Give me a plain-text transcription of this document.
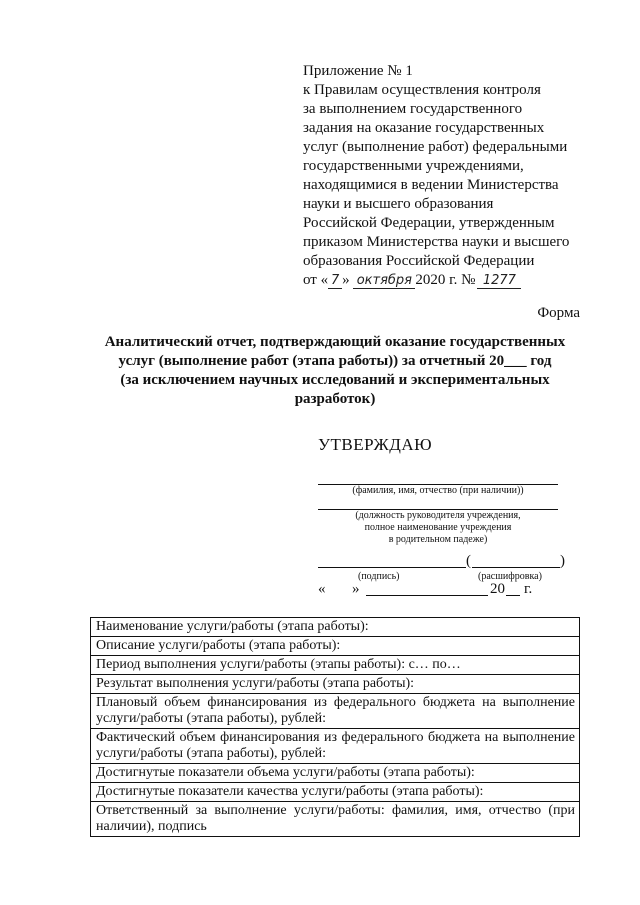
Приложение № 1
к Правилам осуществления контроля
за выполнением государственного
задания на оказание государственных
услуг (выполнение работ) федеральными
государственными учреждениями,
находящимися в ведении Министерства
науки и высшего образования
Российской Федерации, утвержденным
приказом Министерства науки и высшего
образования Российской Федерации
от « 7 » октября 2020 г. № 1277
Форма
Аналитический отчет, подтверждающий оказание государственных
услуг (выполнение работ (этапа работы)) за отчетный 20___ год
(за исключением научных исследований и экспериментальных
разработок)
УТВЕРЖДАЮ
(фамилия, имя, отчество (при наличии))
(должность руководителя учреждения,
полное наименование учреждения
в родительном падеже)
(	)
(подпись)	(расшифровка)
« »	20 г.
Наименование услуги/работы (этапа работы):
Описание услуги/работы (этапа работы):
Период выполнения услуги/работы (этапы работы): с… по…
Результат выполнения услуги/работы (этапа работы):
Плановый объем финансирования из федерального бюджета на выполнение услуги/работы (этапа работы), рублей:
Фактический объем финансирования из федерального бюджета на выполнение услуги/работы (этапа работы), рублей:
Достигнутые показатели объема услуги/работы (этапа работы):
Достигнутые показатели качества услуги/работы (этапа работы):
Ответственный за выполнение услуги/работы: фамилия, имя, отчество (при наличии), подпись
